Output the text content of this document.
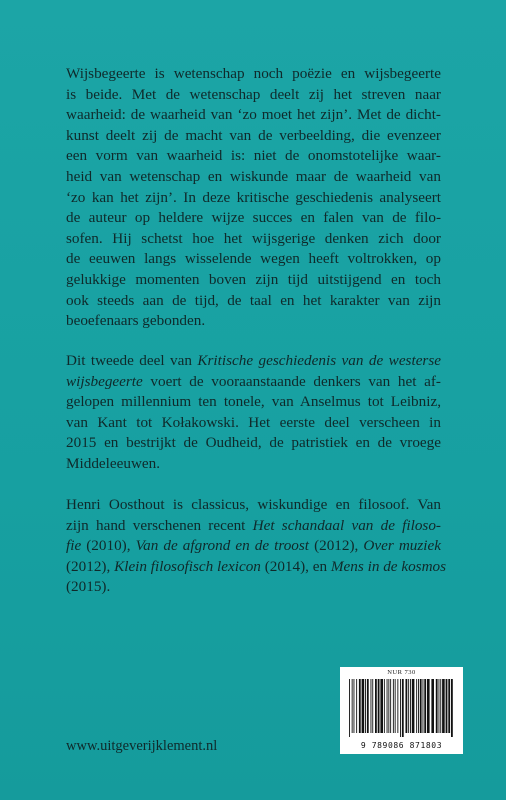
Wijsbegeerte is wetenschap noch poëzie en wijsbegeerte
is beide. Met de wetenschap deelt zij het streven naar
waarheid: de waarheid van ‘zo moet het zijn’. Met de dicht-
kunst deelt zij de macht van de verbeelding, die evenzeer
een vorm van waarheid is: niet de onomstotelijke waar-
heid van wetenschap en wiskunde maar de waarheid van
‘zo kan het zijn’. In deze kritische geschiedenis analyseert
de auteur op heldere wijze succes en falen van de filo-
sofen. Hij schetst hoe het wijsgerige denken zich door
de eeuwen langs wisselende wegen heeft voltrokken, op
gelukkige momenten boven zijn tijd uitstijgend en toch
ook steeds aan de tijd, de taal en het karakter van zijn
beoefenaars gebonden.
Dit tweede deel van Kritische geschiedenis van de westerse
wijsbegeerte voert de vooraanstaande denkers van het af-
gelopen millennium ten tonele, van Anselmus tot Leibniz,
van Kant tot Kołakowski. Het eerste deel verscheen in
2015 en bestrijkt de Oudheid, de patristiek en de vroege
Middeleeuwen.
Henri Oosthout is classicus, wiskundige en filosoof. Van
zijn hand verschenen recent Het schandaal van de filoso-
fie (2010), Van de afgrond en de troost (2012), Over muziek
(2012), Klein filosofisch lexicon (2014), en Mens in de kosmos
(2015).
NUR 730
9 789086 871803
www.uitgeverijklement.nl
